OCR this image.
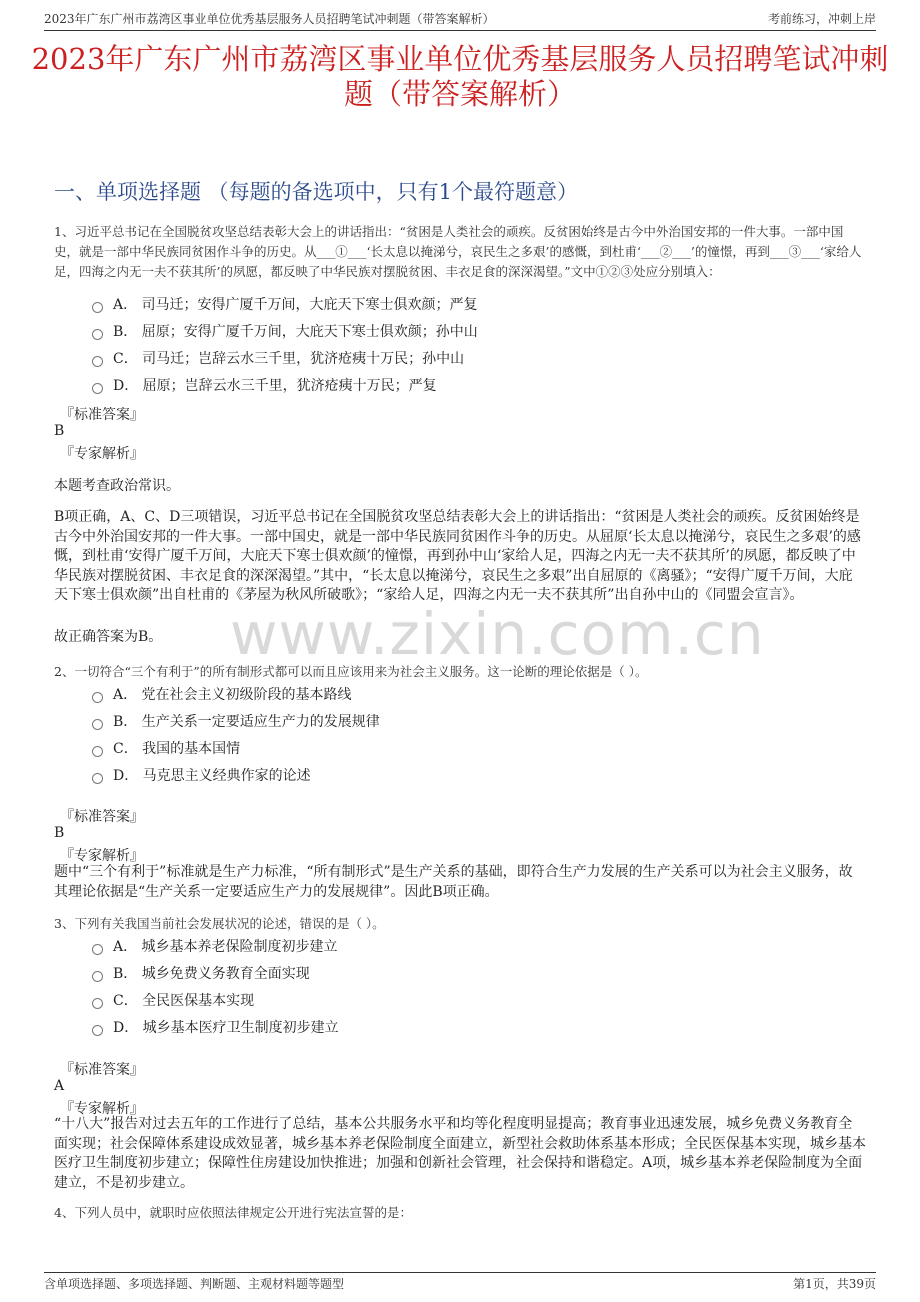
2023年广东广州市荔湾区事业单位优秀基层服务人员招聘笔试冲刺题（带答案解析）	考前练习，冲刺上岸
2023年广东广州市荔湾区事业单位优秀基层服务人员招聘笔试冲刺题（带答案解析）
一、单项选择题 （每题的备选项中，只有1个最符题意）
www.zixin.com.cn

1、习近平总书记在全国脱贫攻坚总结表彰大会上的讲话指出：“贫困是人类社会的顽疾。反贫困始终是古今中外治国安邦的一件大事。一部中国史，就是一部中华民族同贫困作斗争的历史。从___①___‘长太息以掩涕兮，哀民生之多艰’的感慨，到杜甫‘___②___’的憧憬，再到___③___‘家给人足，四海之内无一夫不获其所’的夙愿，都反映了中华民族对摆脱贫困、丰衣足食的深深渴望。”文中①②③处应分别填入：

A． 司马迁；安得广厦千万间，大庇天下寒士俱欢颜；严复
B． 屈原；安得广厦千万间，大庇天下寒士俱欢颜；孙中山
C． 司马迁；岂辞云水三千里，犹济疮痍十万民；孙中山
D． 屈原；岂辞云水三千里，犹济疮痍十万民；严复
『标准答案』
B
『专家解析』

本题考查政治常识。

B项正确，A、C、D三项错误，习近平总书记在全国脱贫攻坚总结表彰大会上的讲话指出：“贫困是人类社会的顽疾。反贫困始终是古今中外治国安邦的一件大事。一部中国史，就是一部中华民族同贫困作斗争的历史。从屈原‘长太息以掩涕兮，哀民生之多艰’的感慨，到杜甫‘安得广厦千万间，大庇天下寒士俱欢颜’的憧憬，再到孙中山‘家给人足，四海之内无一夫不获其所’的夙愿，都反映了中华民族对摆脱贫困、丰衣足食的深深渴望。”其中，“长太息以掩涕兮，哀民生之多艰”出自屈原的《离骚》；“安得广厦千万间，大庇天下寒士俱欢颜”出自杜甫的《茅屋为秋风所破歌》；“家给人足，四海之内无一夫不获其所”出自孙中山的《同盟会宣言》。

故正确答案为B。

2、一切符合“三个有利于”的所有制形式都可以而且应该用来为社会主义服务。这一论断的理论依据是（ ）。

A． 党在社会主义初级阶段的基本路线
B． 生产关系一定要适应生产力的发展规律
C． 我国的基本国情
D． 马克思主义经典作家的论述
『标准答案』
B
『专家解析』

题中“三个有利于”标准就是生产力标准，“所有制形式”是生产关系的基础，即符合生产力发展的生产关系可以为社会主义服务，故其理论依据是“生产关系一定要适应生产力的发展规律”。因此B项正确。

3、下列有关我国当前社会发展状况的论述，错误的是（ ）。

A． 城乡基本养老保险制度初步建立
B． 城乡免费义务教育全面实现
C． 全民医保基本实现
D． 城乡基本医疗卫生制度初步建立
『标准答案』
A
『专家解析』

“十八大”报告对过去五年的工作进行了总结，基本公共服务水平和均等化程度明显提高；教育事业迅速发展，城乡免费义务教育全面实现；社会保障体系建设成效显著，城乡基本养老保险制度全面建立，新型社会救助体系基本形成；全民医保基本实现，城乡基本医疗卫生制度初步建立；保障性住房建设加快推进；加强和创新社会管理，社会保持和谐稳定。A项，城乡基本养老保险制度为全面建立，不是初步建立。

4、下列人员中，就职时应依照法律规定公开进行宪法宣誓的是：

含单项选择题、多项选择题、判断题、主观材料题等题型	第1页，共39页
